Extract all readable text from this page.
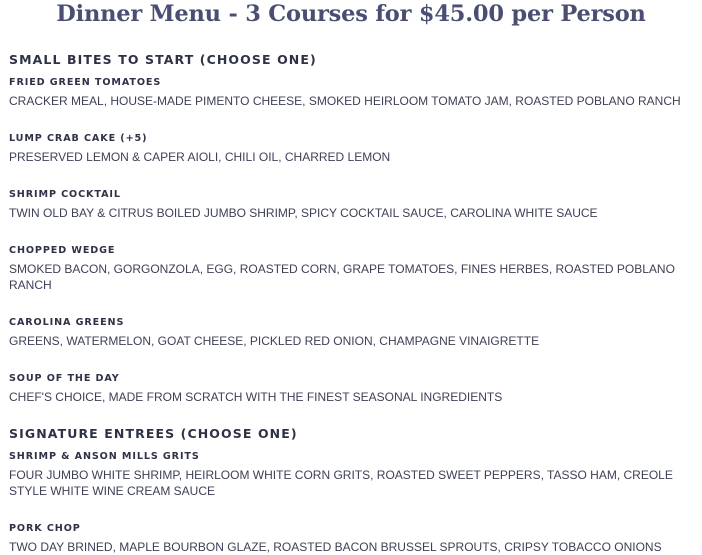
Dinner Menu - 3 Courses for $45.00 per Person
SMALL BITES TO START (CHOOSE ONE)

FRIED GREEN TOMATOES

CRACKER MEAL, HOUSE-MADE PIMENTO CHEESE, SMOKED HEIRLOOM TOMATO JAM, ROASTED POBLANO RANCH

LUMP CRAB CAKE (+5)

PRESERVED LEMON & CAPER AIOLI, CHILI OIL, CHARRED LEMON

SHRIMP COCKTAIL

TWIN OLD BAY & CITRUS BOILED JUMBO SHRIMP, SPICY COCKTAIL SAUCE, CAROLINA WHITE SAUCE

CHOPPED WEDGE

SMOKED BACON, GORGONZOLA, EGG, ROASTED CORN, GRAPE TOMATOES, FINES HERBES, ROASTED POBLANO RANCH

CAROLINA GREENS

GREENS, WATERMELON, GOAT CHEESE, PICKLED RED ONION, CHAMPAGNE VINAIGRETTE

SOUP OF THE DAY

CHEF'S CHOICE, MADE FROM SCRATCH WITH THE FINEST SEASONAL INGREDIENTS

SIGNATURE ENTREES (CHOOSE ONE)

SHRIMP & ANSON MILLS GRITS

FOUR JUMBO WHITE SHRIMP, HEIRLOOM WHITE CORN GRITS, ROASTED SWEET PEPPERS, TASSO HAM, CREOLE STYLE WHITE WINE CREAM SAUCE

PORK CHOP

TWO DAY BRINED, MAPLE BOURBON GLAZE, ROASTED BACON BRUSSEL SPROUTS, CRIPSY TOBACCO ONIONS
